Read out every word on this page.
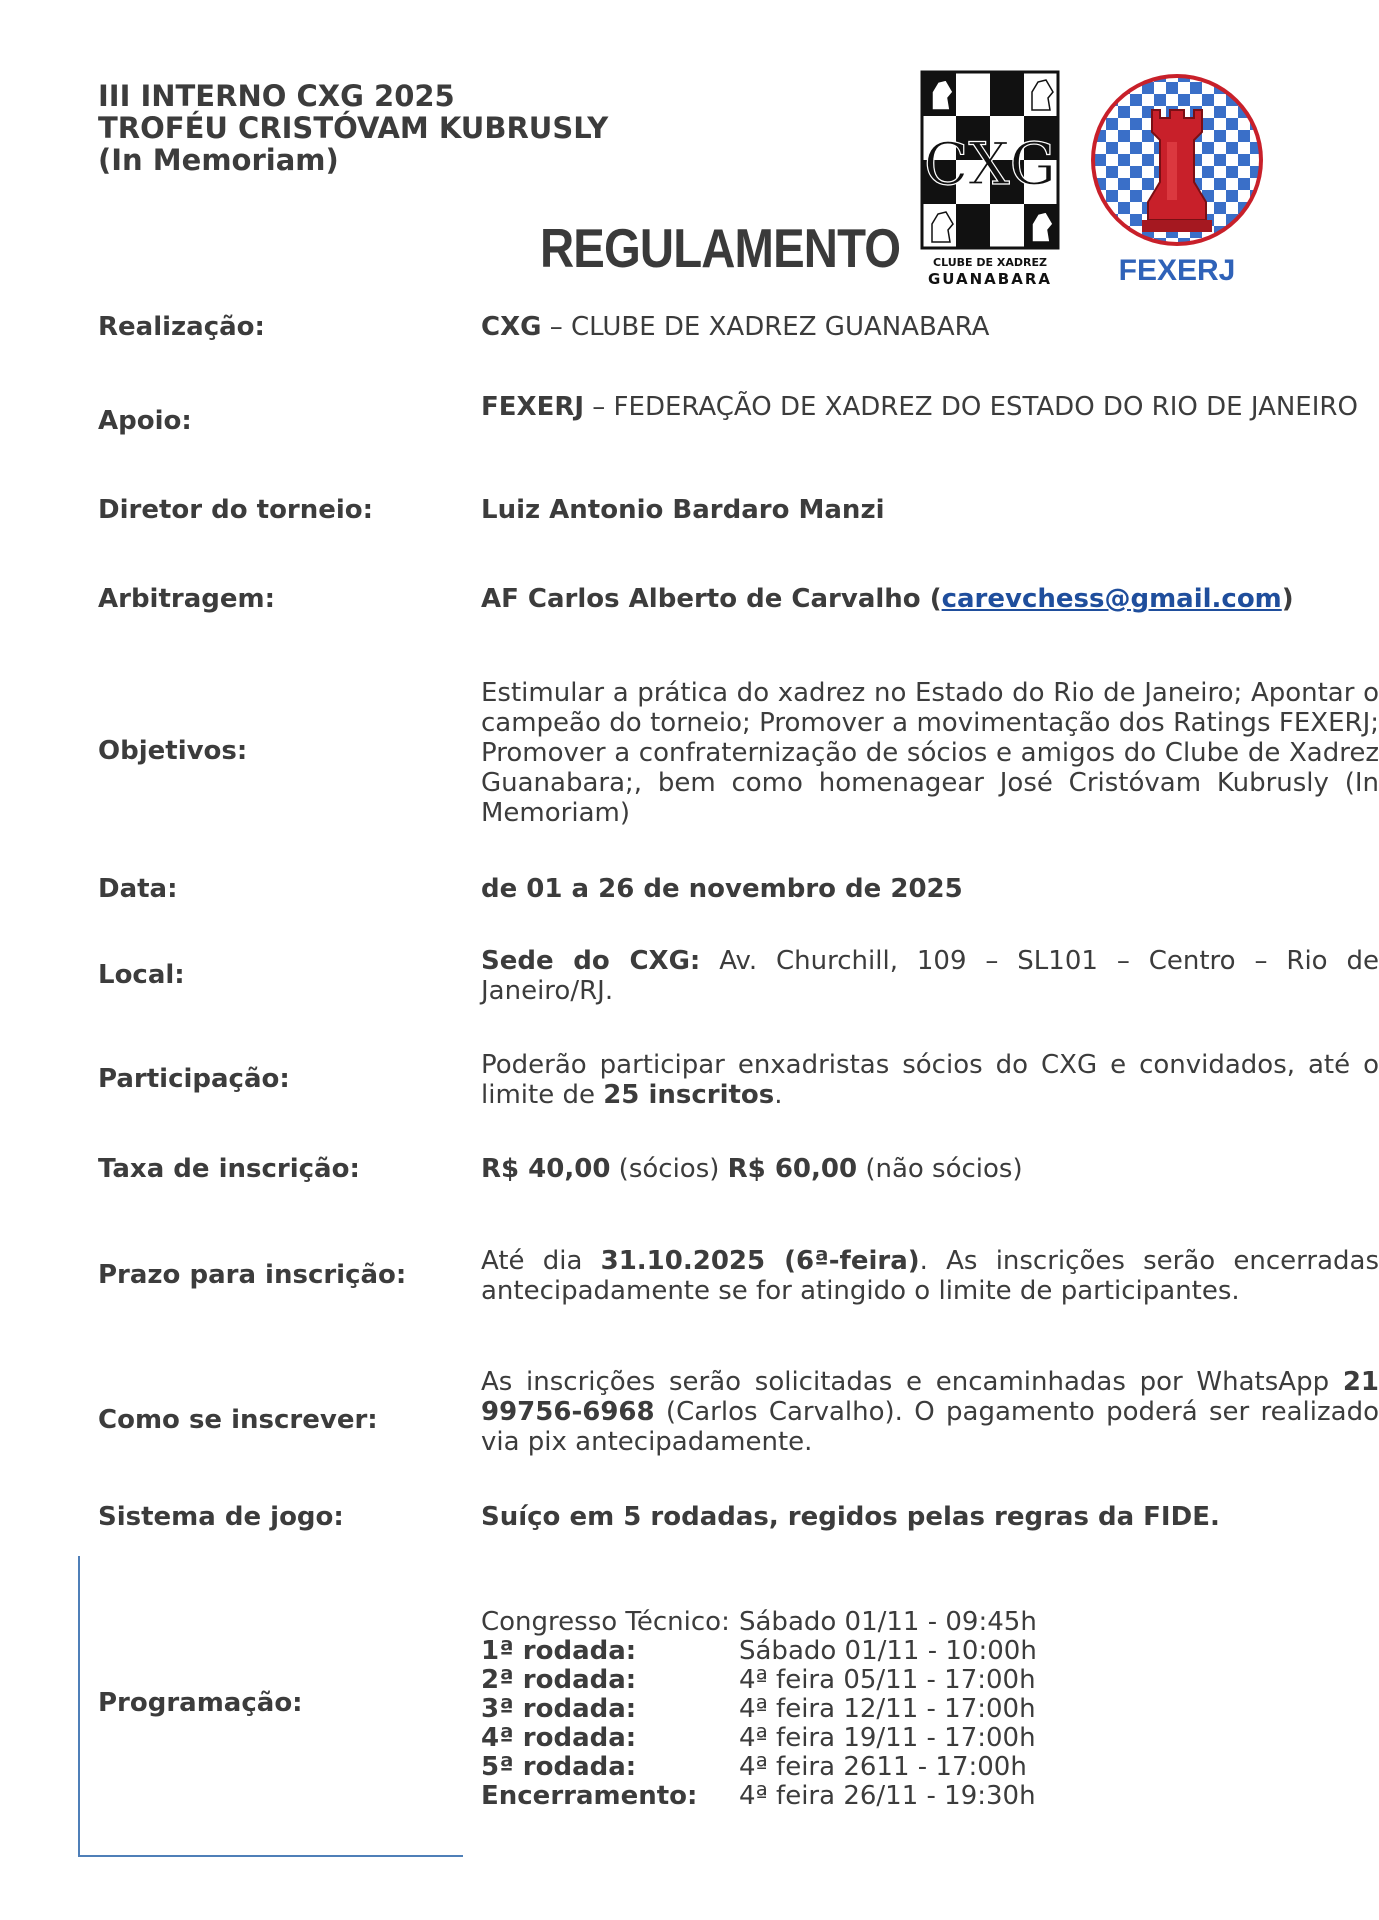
III INTERNO CXG 2025
TROFÉU CRISTÓVAM KUBRUSLY
(In Memoriam)
REGULAMENTO
CXG
CLUBE DE XADREZ
GUANABARA FEXERJ
Realização:	CXG – CLUBE DE XADREZ GUANABARA
Apoio:	FEXERJ – FEDERAÇÃO DE XADREZ DO ESTADO DO RIO DE JANEIRO
Diretor do torneio:	Luiz Antonio Bardaro Manzi
Arbitragem:	AF Carlos Alberto de Carvalho (carevchess@gmail.com)
Objetivos:
Estimular a prática do xadrez no Estado do Rio de Janeiro; Apontar o campeão do torneio; Promover a movimentação dos Ratings FEXERJ; Promover a confraternização de sócios e amigos do Clube de Xadrez Guanabara;, bem como homenagear José Cristóvam Kubrusly (In Memoriam)
Data:	de 01 a 26 de novembro de 2025
Local:	Sede do CXG: Av. Churchill, 109 – SL101 – Centro – Rio de Janeiro/RJ.
Participação:	Poderão participar enxadristas sócios do CXG e convidados, até o limite de 25 inscritos.
Taxa de inscrição:	R$ 40,00 (sócios) R$ 60,00 (não sócios)
Prazo para inscrição:	Até dia 31.10.2025 (6ª-feira). As inscrições serão encerradas antecipadamente se for atingido o limite de participantes.
Como se inscrever:
As inscrições serão solicitadas e encaminhadas por WhatsApp 21 99756-6968 (Carlos Carvalho). O pagamento poderá ser realizado via pix antecipadamente.
Sistema de jogo:	Suíço em 5 rodadas, regidos pelas regras da FIDE.
Programação:
Congresso Técnico:	Sábado 01/11 - 09:45h
1ª rodada:	Sábado 01/11 - 10:00h
2ª rodada:	4ª feira 05/11 - 17:00h
3ª rodada:	4ª feira 12/11 - 17:00h
4ª rodada:	4ª feira 19/11 - 17:00h
5ª rodada:	4ª feira 2611 - 17:00h
Encerramento:	4ª feira 26/11 - 19:30h
